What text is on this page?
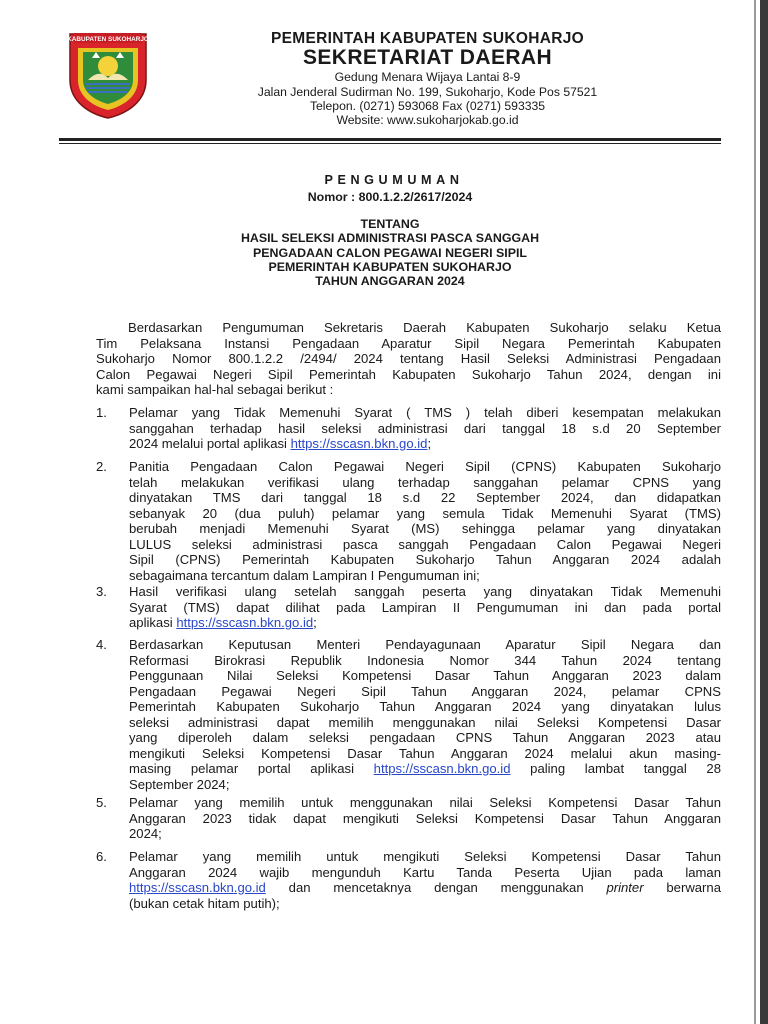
KABUPATEN SUKOHARJO	PEMERINTAH KABUPATEN SUKOHARJO
SEKRETARIAT DAERAH
Gedung Menara Wijaya Lantai 8-9
Jalan Jenderal Sudirman No. 199, Sukoharjo, Kode Pos 57521
Telepon. (0271) 593068 Fax (0271) 593335
Website: www.sukoharjokab.go.id
PENGUMUMAN
Nomor : 800.1.2.2/2617/2024
TENTANG
HASIL SELEKSI ADMINISTRASI PASCA SANGGAH
PENGADAAN CALON PEGAWAI NEGERI SIPIL
PEMERINTAH KABUPATEN SUKOHARJO
TAHUN ANGGARAN 2024
Berdasarkan Pengumuman Sekretaris Daerah Kabupaten Sukoharjo selaku Ketua
Tim Pelaksana Instansi Pengadaan Aparatur Sipil Negara Pemerintah Kabupaten
Sukoharjo Nomor 800.1.2.2 /2494/ 2024 tentang Hasil Seleksi Administrasi Pengadaan
Calon Pegawai Negeri Sipil Pemerintah Kabupaten Sukoharjo Tahun 2024, dengan ini
kami sampaikan hal-hal sebagai berikut :
1. Pelamar yang Tidak Memenuhi Syarat ( TMS ) telah diberi kesempatan melakukan
sanggahan terhadap hasil seleksi administrasi dari tanggal 18 s.d 20 September
2024 melalui portal aplikasi https://sscasn.bkn.go.id;
2. Panitia Pengadaan Calon Pegawai Negeri Sipil (CPNS) Kabupaten Sukoharjo
telah melakukan verifikasi ulang terhadap sanggahan pelamar CPNS yang
dinyatakan TMS dari tanggal 18 s.d 22 September 2024, dan didapatkan
sebanyak 20 (dua puluh) pelamar yang semula Tidak Memenuhi Syarat (TMS)
berubah menjadi Memenuhi Syarat (MS) sehingga pelamar yang dinyatakan
LULUS seleksi administrasi pasca sanggah Pengadaan Calon Pegawai Negeri
Sipil (CPNS) Pemerintah Kabupaten Sukoharjo Tahun Anggaran 2024 adalah
sebagaimana tercantum dalam Lampiran I Pengumuman ini;
3. Hasil verifikasi ulang setelah sanggah peserta yang dinyatakan Tidak Memenuhi
Syarat (TMS) dapat dilihat pada Lampiran II Pengumuman ini dan pada portal
aplikasi https://sscasn.bkn.go.id;
4. Berdasarkan Keputusan Menteri Pendayagunaan Aparatur Sipil Negara dan
Reformasi Birokrasi Republik Indonesia Nomor 344 Tahun 2024 tentang
Penggunaan Nilai Seleksi Kompetensi Dasar Tahun Anggaran 2023 dalam
Pengadaan Pegawai Negeri Sipil Tahun Anggaran 2024, pelamar CPNS
Pemerintah Kabupaten Sukoharjo Tahun Anggaran 2024 yang dinyatakan lulus
seleksi administrasi dapat memilih menggunakan nilai Seleksi Kompetensi Dasar
yang diperoleh dalam seleksi pengadaan CPNS Tahun Anggaran 2023 atau
mengikuti Seleksi Kompetensi Dasar Tahun Anggaran 2024 melalui akun masing-
masing pelamar portal aplikasi https://sscasn.bkn.go.id paling lambat tanggal 28
September 2024;
5. Pelamar yang memilih untuk menggunakan nilai Seleksi Kompetensi Dasar Tahun
Anggaran 2023 tidak dapat mengikuti Seleksi Kompetensi Dasar Tahun Anggaran
2024;
6. Pelamar yang memilih untuk mengikuti Seleksi Kompetensi Dasar Tahun
Anggaran 2024 wajib mengunduh Kartu Tanda Peserta Ujian pada laman
https://sscasn.bkn.go.id dan mencetaknya dengan menggunakan printer berwarna
(bukan cetak hitam putih);
